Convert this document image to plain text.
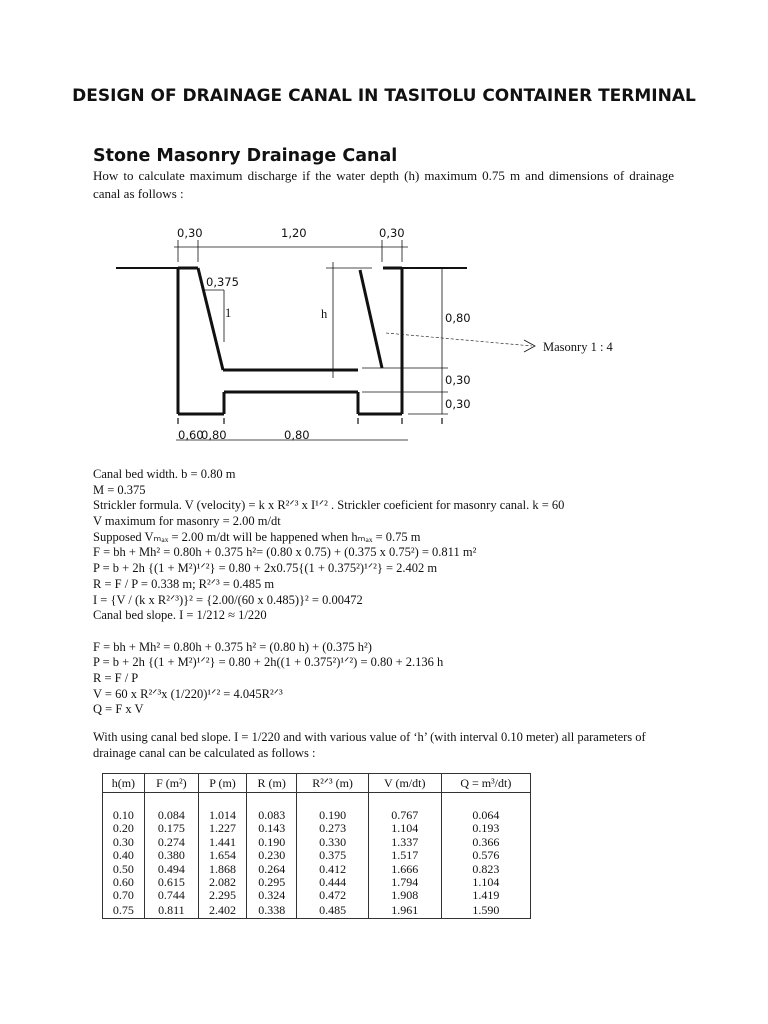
DESIGN OF DRAINAGE CANAL IN TASITOLU CONTAINER TERMINAL
Stone Masonry Drainage Canal
How to calculate maximum discharge if the water depth (h) maximum 0.75 m and dimensions of drainage canal as follows :
0,30	1,20	0,30
0,375
1	h	0,80
0,30
0,30
Masonry 1 : 4
0,60
0,80	0,80
Canal bed width. b = 0.80 m
M = 0.375
Strickler formula. V (velocity) = k x R²ᐟ³ x I¹ᐟ² . Strickler coeficient for masonry canal. k = 60
V maximum for masonry = 2.00 m/dt
Supposed Vₘₐₓ = 2.00 m/dt will be happened when hₘₐₓ = 0.75 m
F = bh + Mh² = 0.80h + 0.375 h²= (0.80 x 0.75) + (0.375 x 0.75²) = 0.811 m²
P = b + 2h {(1 + M²)¹ᐟ²} = 0.80 + 2x0.75{(1 + 0.375²)¹ᐟ²} = 2.402 m
R = F / P = 0.338 m; R²ᐟ³ = 0.485 m
I = {V / (k x R²ᐟ³)}² = {2.00/(60 x 0.485)}² = 0.00472
Canal bed slope. I = 1/212 ≈ 1/220
F = bh + Mh² = 0.80h + 0.375 h² = (0.80 h) + (0.375 h²)
P = b + 2h {(1 + M²)¹ᐟ²} = 0.80 + 2h((1 + 0.375²)¹ᐟ²) = 0.80 + 2.136 h
R = F / P
V = 60 x R²ᐟ³x (1/220)¹ᐟ² = 4.045R²ᐟ³
Q = F x V
With using canal bed slope. I = 1/220 and with various value of ‘h’ (with interval 0.10 meter) all parameters of drainage canal can be calculated as follows :
h(m)	F (m²)	P (m)	R (m)	R²ᐟ³ (m)	V (m/dt)	Q = m³/dt)

0.10	0.084	1.014	0.083	0.190	0.767	0.064
0.20	0.175	1.227	0.143	0.273	1.104	0.193
0.30	0.274	1.441	0.190	0.330	1.337	0.366
0.40	0.380	1.654	0.230	0.375	1.517	0.576
0.50	0.494	1.868	0.264	0.412	1.666	0.823
0.60	0.615	2.082	0.295	0.444	1.794	1.104
0.70	0.744	2.295	0.324	0.472	1.908	1.419
0.75	0.811	2.402	0.338	0.485	1.961	1.590
